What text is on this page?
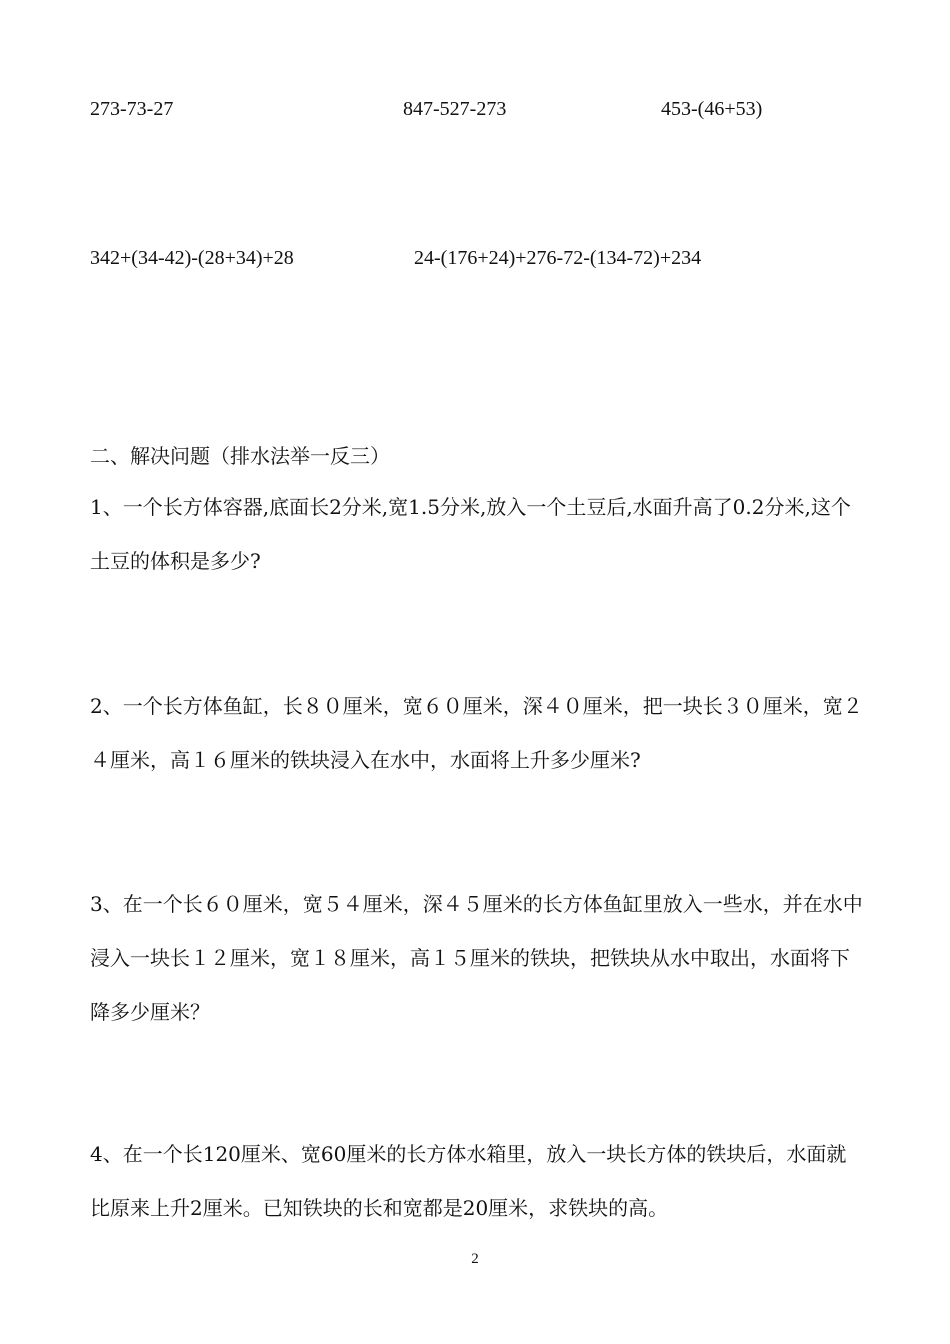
273-73-27	847-527-273	453-(46+53)
342+(34-42)-(28+34)+28	24-(176+24)+276-72-(134-72)+234
二、解决问题（排水法举一反三）

1、一个长方体容器,底面长2分米,宽1.5分米,放入一个土豆后,水面升高了0.2分米,这个土豆的体积是多少?

2、一个长方体鱼缸，长８０厘米，宽６０厘米，深４０厘米，把一块长３０厘米，宽２４厘米，高１６厘米的铁块浸入在水中，水面将上升多少厘米?

3、在一个长６０厘米，宽５４厘米，深４５厘米的长方体鱼缸里放入一些水，并在水中浸入一块长１２厘米，宽１８厘米，高１５厘米的铁块，把铁块从水中取出，水面将下降多少厘米？

4、在一个长120厘米、宽60厘米的长方体水箱里，放入一块长方体的铁块后，水面就比原来上升2厘米。已知铁块的长和宽都是20厘米，求铁块的高。

2
